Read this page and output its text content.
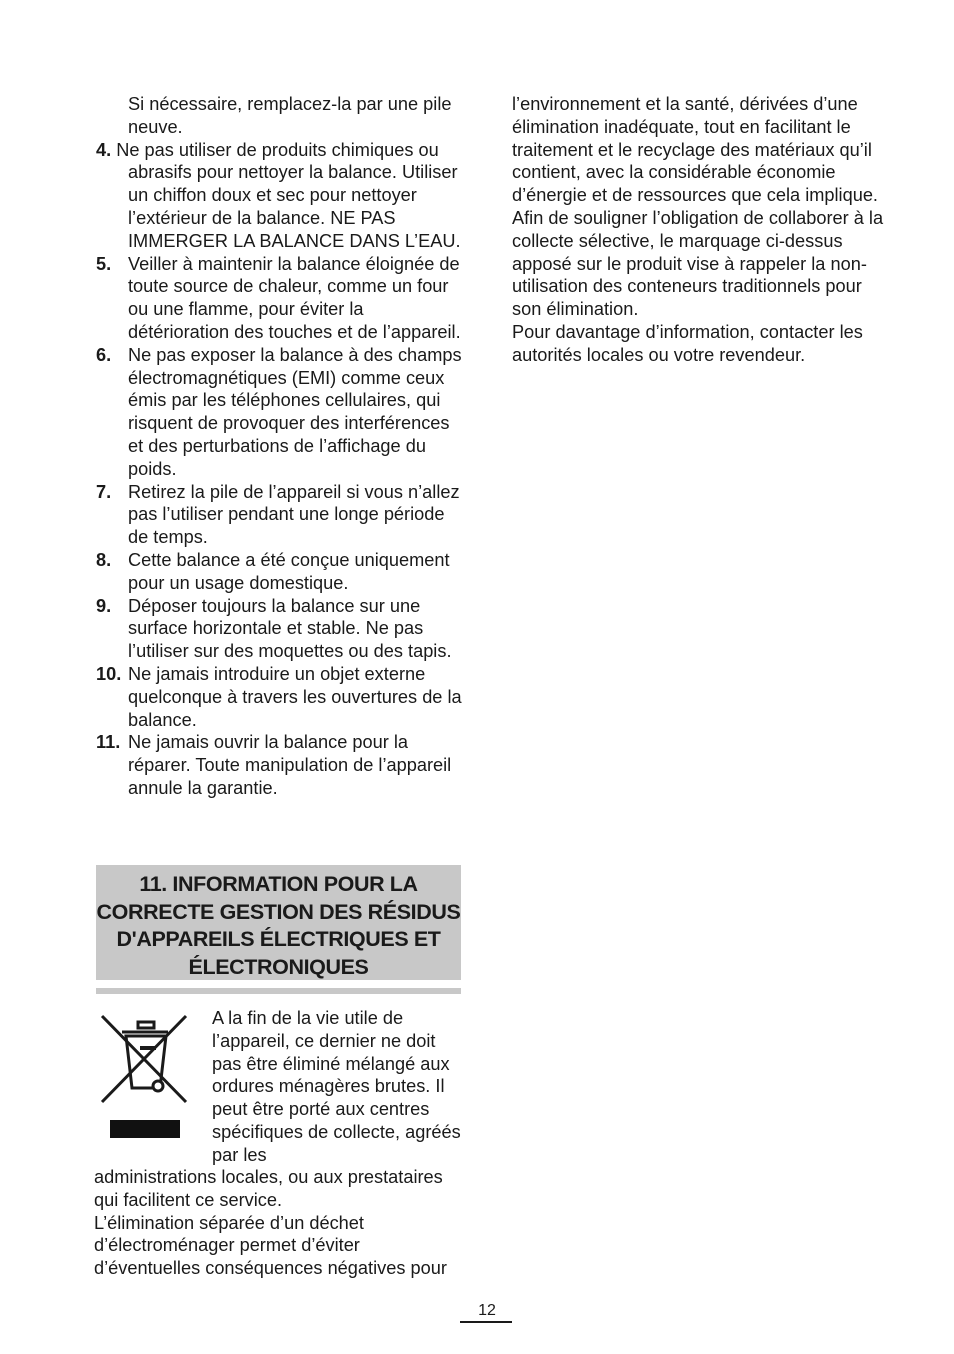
Si nécessaire, remplacez-la par une pile neuve.
4. Ne pas utiliser de produits chimiques ou abrasifs pour nettoyer la balance. Utiliser un chiffon doux et sec pour nettoyer l’extérieur de la balance. NE PAS IMMERGER LA BALANCE DANS L’EAU.
5. Veiller à maintenir la balance éloignée de toute source de chaleur, comme un four ou une flamme, pour éviter la détérioration des touches et de l’appareil.
6. Ne pas exposer la balance à des champs électromagnétiques (EMI) comme ceux émis par les téléphones cellulaires, qui risquent de provoquer des interférences et des perturbations de l’affichage du poids.
7. Retirez la pile de l’appareil si vous n’allez pas l’utiliser pendant une longe période de temps.
8. Cette balance a été conçue uniquement pour un usage domestique.
9. Déposer toujours la balance sur une surface horizontale et stable. Ne pas l’utiliser sur des moquettes ou des tapis.
10. Ne jamais introduire un objet externe quelconque à travers les ouvertures de la balance.
11. Ne jamais ouvrir la balance pour la réparer. Toute manipulation de l’appareil annule la garantie.
11. INFORMATION POUR LA
CORRECTE GESTION DES RÉSIDUS
D'APPAREILS ÉLECTRIQUES ET
ÉLECTRONIQUES
A la fin de la vie utile de l’appareil, ce dernier ne doit pas être éliminé mélangé aux ordures ménagères brutes. Il peut être porté aux centres spécifiques de collecte, agréés par les
administrations locales, ou aux prestataires qui facilitent ce service.
L’élimination séparée d’un déchet d’électroménager permet d’éviter d’éventuelles conséquences négatives pour
l’environnement et la santé, dérivées d’une élimination inadéquate, tout en facilitant le traitement et le recyclage des matériaux qu’il contient, avec la considérable économie d’énergie et de ressources que cela implique.
Afin de souligner l’obligation de collaborer à la collecte sélective, le marquage ci-dessus apposé sur le produit vise à rappeler la non-utilisation des conteneurs traditionnels pour son élimination.
Pour davantage d’information, contacter les autorités locales ou votre revendeur.
12
